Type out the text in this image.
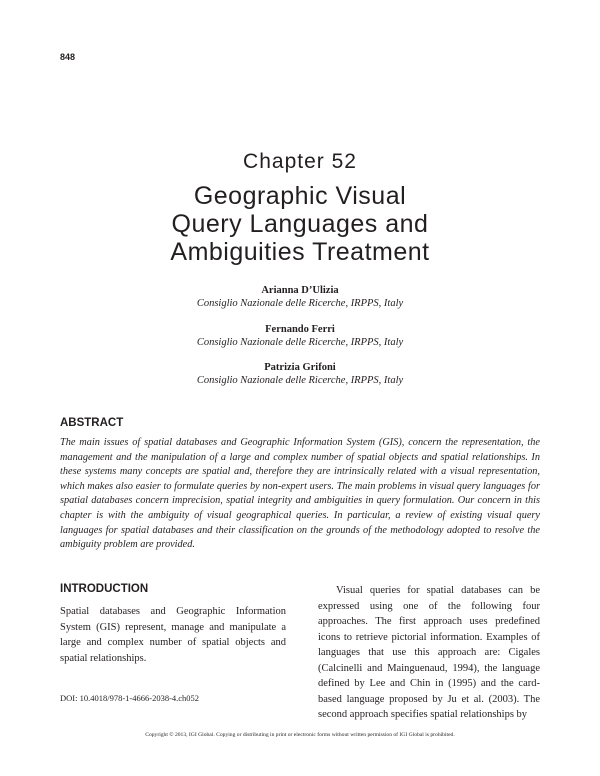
848
Chapter 52
Geographic Visual
Query Languages and
Ambiguities Treatment
Arianna D’Ulizia
Consiglio Nazionale delle Ricerche, IRPPS, Italy
Fernando Ferri
Consiglio Nazionale delle Ricerche, IRPPS, Italy
Patrizia Grifoni
Consiglio Nazionale delle Ricerche, IRPPS, Italy
ABSTRACT
The main issues of spatial databases and Geographic Information System (GIS), concern the representation, the management and the manipulation of a large and complex number of spatial objects and spatial relationships. In these systems many concepts are spatial and, therefore they are intrinsically related with a visual representation, which makes also easier to formulate queries by non-expert users. The main problems in visual query languages for spatial databases concern imprecision, spatial integrity and ambiguities in query formulation. Our concern in this chapter is with the ambiguity of visual geographical queries. In particular, a review of existing visual query languages for spatial databases and their classification on the grounds of the methodology adopted to resolve the ambiguity problem are provided.
INTRODUCTION
Spatial databases and Geographic Information System (GIS) represent, manage and manipulate a large and complex number of spatial objects and spatial relationships.
Visual queries for spatial databases can be expressed using one of the following four approaches. The first approach uses predefined icons to retrieve pictorial information. Examples of languages that use this approach are: Cigales (Calcinelli and Mainguenaud, 1994), the language defined by Lee and Chin in (1995) and the card-based language proposed by Ju et al. (2003). The second approach specifies spatial relationships by
DOI: 10.4018/978-1-4666-2038-4.ch052
Copyright © 2013, IGI Global. Copying or distributing in print or electronic forms without written permission of IGI Global is prohibited.
